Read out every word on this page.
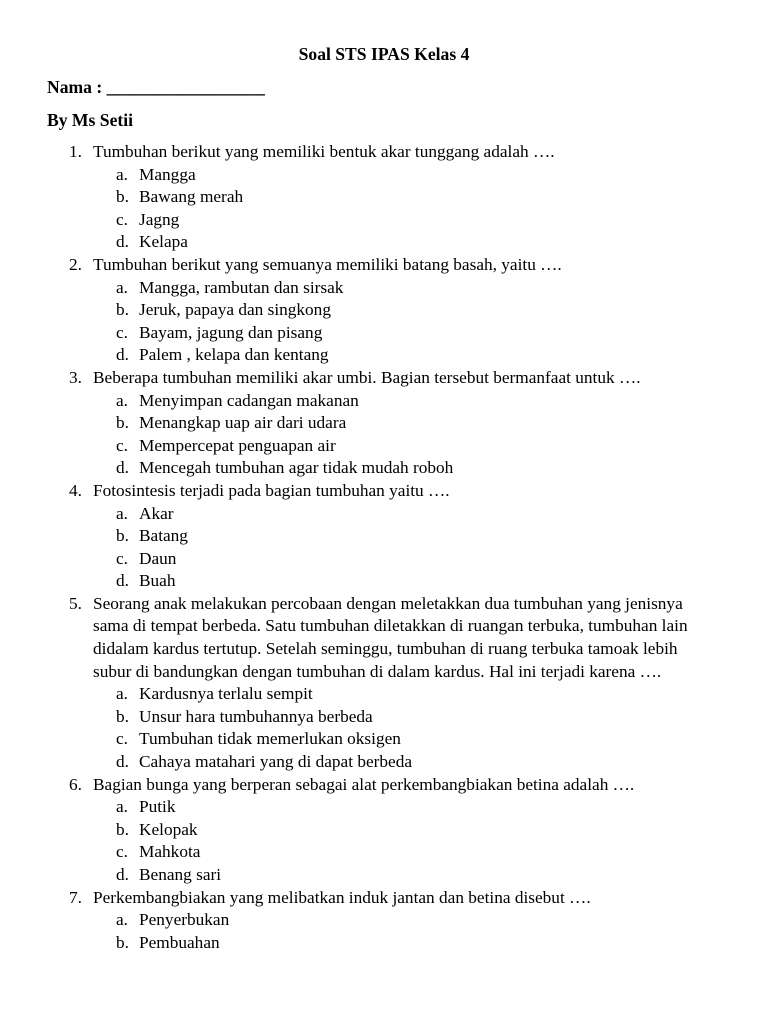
Soal STS IPAS Kelas 4
Nama : __________________
By Ms Setii
1. Tumbuhan berikut yang memiliki bentuk akar tunggang adalah ….
a. Mangga
b. Bawang merah
c. Jagng
d. Kelapa
2. Tumbuhan berikut yang semuanya memiliki batang basah, yaitu ….
a. Mangga, rambutan dan sirsak
b. Jeruk, papaya dan singkong
c. Bayam, jagung dan pisang
d. Palem , kelapa dan kentang
3. Beberapa tumbuhan memiliki akar umbi. Bagian tersebut bermanfaat untuk ….
a. Menyimpan cadangan makanan
b. Menangkap uap air dari udara
c. Mempercepat penguapan air
d. Mencegah tumbuhan agar tidak mudah roboh
4. Fotosintesis terjadi pada bagian tumbuhan yaitu ….
a. Akar
b. Batang
c. Daun
d. Buah
5. Seorang anak melakukan percobaan dengan meletakkan dua tumbuhan yang jenisnya sama di tempat berbeda. Satu tumbuhan diletakkan di ruangan terbuka, tumbuhan lain didalam kardus tertutup. Setelah seminggu, tumbuhan di ruang terbuka tamoak lebih subur di bandungkan dengan tumbuhan di dalam kardus. Hal ini terjadi karena ….
a. Kardusnya terlalu sempit
b. Unsur hara tumbuhannya berbeda
c. Tumbuhan tidak memerlukan oksigen
d. Cahaya matahari yang di dapat berbeda
6. Bagian bunga yang berperan sebagai alat perkembangbiakan betina adalah ….
a. Putik
b. Kelopak
c. Mahkota
d. Benang sari
7. Perkembangbiakan yang melibatkan induk jantan dan betina disebut ….
a. Penyerbukan
b. Pembuahan
